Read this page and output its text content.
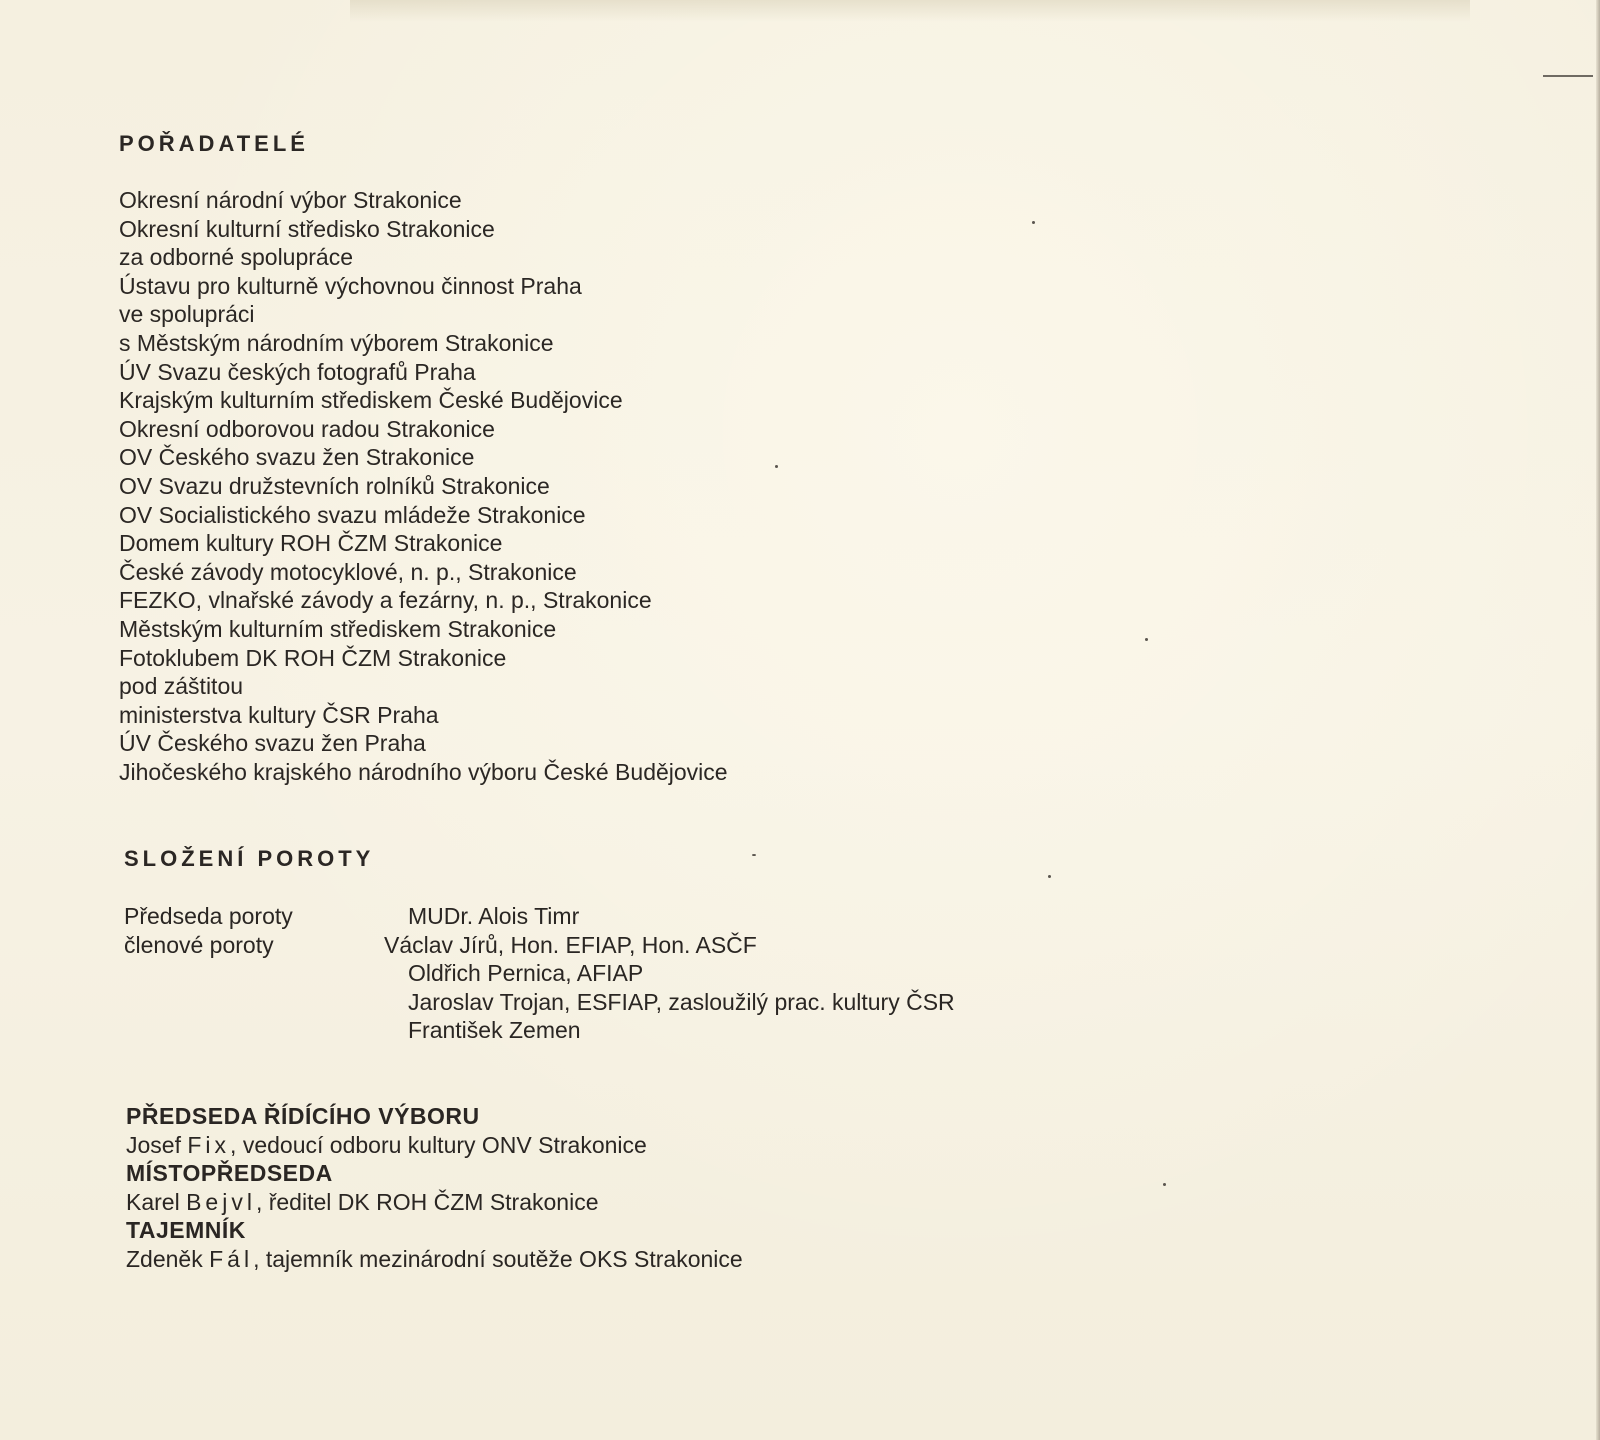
POŘADATELÉ
Okresní národní výbor Strakonice
Okresní kulturní středisko Strakonice
za odborné spolupráce
Ústavu pro kulturně výchovnou činnost Praha
ve spolupráci
s Městským národním výborem Strakonice
ÚV Svazu českých fotografů Praha
Krajským kulturním střediskem České Budějovice
Okresní odborovou radou Strakonice
OV Českého svazu žen Strakonice
OV Svazu družstevních rolníků Strakonice
OV Socialistického svazu mládeže Strakonice
Domem kultury ROH ČZM Strakonice
České závody motocyklové, n. p., Strakonice
FEZKO, vlnařské závody a fezárny, n. p., Strakonice
Městským kulturním střediskem Strakonice
Fotoklubem DK ROH ČZM Strakonice
pod záštitou
ministerstva kultury ČSR Praha
ÚV Českého svazu žen Praha
Jihočeského krajského národního výboru České Budějovice
SLOŽENÍ POROTY
Předseda poroty
členové poroty
MUDr. Alois Timr
Václav Jírů, Hon. EFIAP, Hon. ASČF
Oldřich Pernica, AFIAP
Jaroslav Trojan, ESFIAP, zasloužilý prac. kultury ČSR
František Zemen
PŘEDSEDA ŘÍDÍCÍHO VÝBORU
Josef Fix, vedoucí odboru kultury ONV Strakonice
MÍSTOPŘEDSEDA
Karel Bejvl, ředitel DK ROH ČZM Strakonice
TAJEMNÍK
Zdeněk Fál, tajemník mezinárodní soutěže OKS Strakonice
